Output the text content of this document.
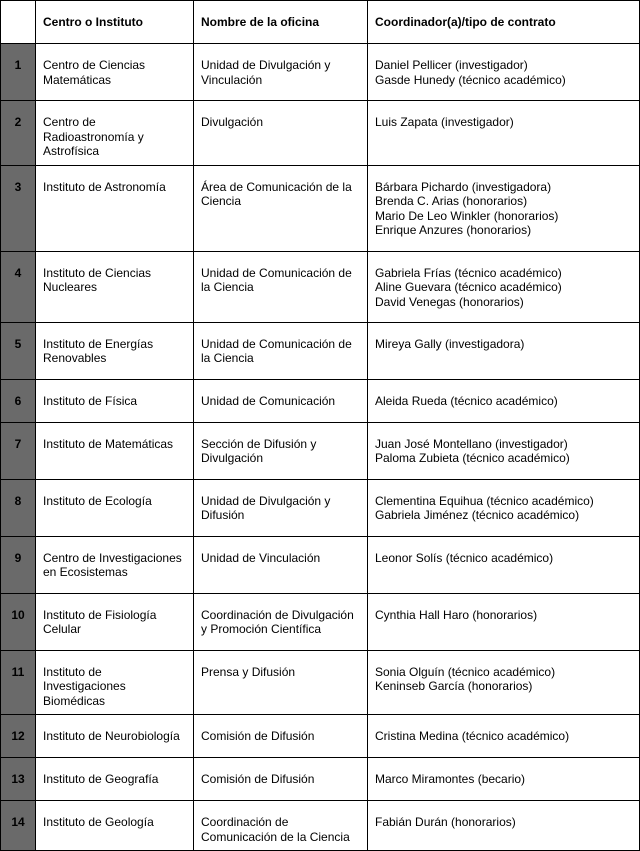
	Centro o Instituto	Nombre de la oficina	Coordinador(a)/tipo de contrato

1	Centro de Ciencias Matemáticas	Unidad de Divulgación y Vinculación	Daniel Pellicer (investigador)
Gasde Hunedy (técnico académico)

2	Centro de Radioastronomía y Astrofísica	Divulgación	Luis Zapata (investigador)

3	Instituto de Astronomía	Área de Comunicación de la Ciencia	Bárbara Pichardo (investigadora)
Brenda C. Arias (honorarios)
Mario De Leo Winkler (honorarios)
Enrique Anzures (honorarios)

4	Instituto de Ciencias Nucleares	Unidad de Comunicación de la Ciencia	Gabriela Frías (técnico académico)
Aline Guevara (técnico académico)
David Venegas (honorarios)

5	Instituto de Energías Renovables	Unidad de Comunicación de la Ciencia	Mireya Gally (investigadora)

6	Instituto de Física	Unidad de Comunicación	Aleida Rueda (técnico académico)

7	Instituto de Matemáticas	Sección de Difusión y Divulgación	Juan José Montellano (investigador)
Paloma Zubieta (técnico académico)

8	Instituto de Ecología	Unidad de Divulgación y Difusión	Clementina Equihua (técnico académico)
Gabriela Jiménez (técnico académico)

9	Centro de Investigaciones en Ecosistemas	Unidad de Vinculación	Leonor Solís (técnico académico)

10	Instituto de Fisiología Celular	Coordinación de Divulgación y Promoción Científica	Cynthia Hall Haro (honorarios)

11	Instituto de Investigaciones Biomédicas	Prensa y Difusión	Sonia Olguín (técnico académico)
Keninseb García (honorarios)

12	Instituto de Neurobiología	Comisión de Difusión	Cristina Medina (técnico académico)

13	Instituto de Geografía	Comisión de Difusión	Marco Miramontes (becario)

14	Instituto de Geología	Coordinación de Comunicación de la Ciencia	Fabián Durán (honorarios)
